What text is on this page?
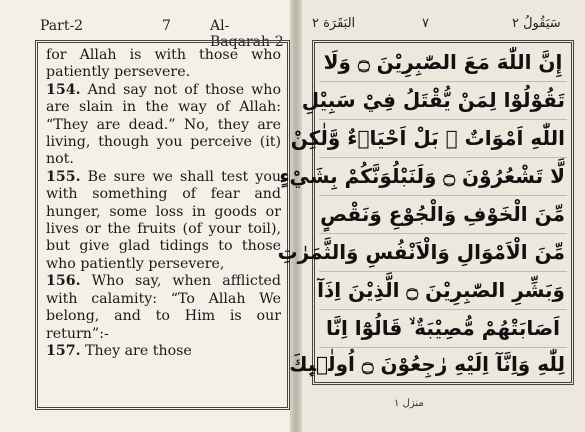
Part-2	7	Al-Baqarah-2

for Allah is with those who patiently persevere.

154. And say not of those who are slain in the way of Allah: “They are dead.” No, they are living, though you perceive (it) not.

155. Be sure we shall test you with something of fear and hunger, some loss in goods or lives or the fruits (of your toil), but give glad tidings to those who patiently persevere,

156. Who say, when afflicted with calamity: “To Allah We belong, and to Him is our return”:-

157. They are those

البَقَرَة ٢	٧	سَيَقُولُ ٢
إِنَّ اللّٰهَ مَعَ الصّٰبِرِيْنَ ۝ وَلَا
تَقُوْلُوْا لِمَنْ يُّقْتَلُ فِيْ سَبِيْلِ
اللّٰهِ اَمْوَاتٌ ۭ بَلْ اَحْيَاۗءٌ وَّلٰكِنْ
لَّا تَشْعُرُوْنَ ۝ وَلَنَبْلُوَنَّكُمْ بِشَيْءٍ
مِّنَ الْخَوْفِ وَالْجُوْعِ وَنَقْصٍ
مِّنَ الْاَمْوَالِ وَالْاَنْفُسِ وَالثَّمَرٰتِ
وَبَشِّرِ الصّٰبِرِيْنَ ۝ الَّذِيْنَ اِذَآ
اَصَابَتْهُمْ مُّصِيْبَةٌ ۙ قَالُوْٓا اِنَّا
لِلّٰهِ وَاِنَّآ اِلَيْهِ رٰجِعُوْنَ ۝ اُولٰۗىِٕكَ
منزل ١
